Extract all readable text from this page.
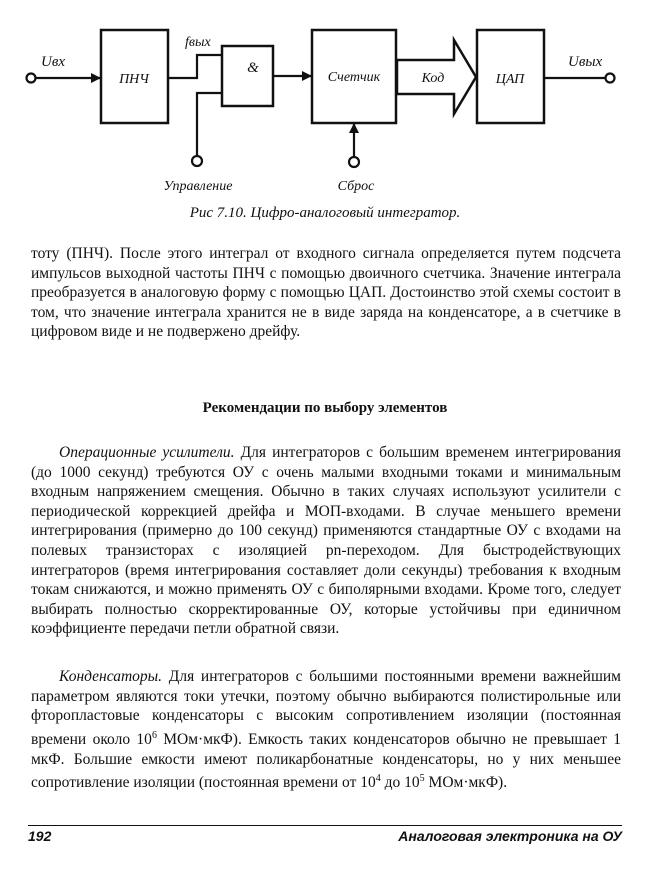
Uвх
ПНЧ
fвых
&
Управление
Счетчик
Сброс
Код	ЦАП
Uвых
Рис 7.10. Цифро-аналоговый интегратор.

тоту (ПНЧ). После этого интеграл от входного сигнала определяется путем подсчета импульсов выходной частоты ПНЧ с помощью двоичного счетчика. Значение интеграла преобразуется в аналоговую форму с помощью ЦАП. Достоинство этой схемы состоит в том, что значение интеграла хранится не в виде заряда на конденсаторе, а в счетчике в цифровом виде и не подвержено дрейфу.

Рекомендации по выбору элементов

Операционные усилители. Для интеграторов с большим временем интегрирования (до 1000 секунд) требуются ОУ с очень малыми входными токами и минимальным входным напряжением смещения. Обычно в таких случаях используют усилители с периодической коррекцией дрейфа и МОП-входами. В случае меньшего времени интегрирования (примерно до 100 секунд) применяются стандартные ОУ с входами на полевых транзисторах с изоляцией pn-переходом. Для быстродействующих интеграторов (время интегрирования составляет доли секунды) требования к входным токам снижаются, и можно применять ОУ с биполярными входами. Кроме того, следует выбирать полностью скорректированные ОУ, которые устойчивы при единичном коэффициенте передачи петли обратной связи.

Конденсаторы. Для интеграторов с большими постоянными времени важнейшим параметром являются токи утечки, поэтому обычно выбираются полистирольные или фторопластовые конденсаторы с высоким сопротивлением изоляции (постоянная времени около $10^6$ МОм·мкФ). Емкость таких конденсаторов обычно не превышает 1 мкФ. Большие емкости имеют поликарбонатные конденсаторы, но у них меньшее сопротивление изоляции (постоянная времени от $10^4$ до $10^5$ МОм·мкФ).

192	Аналоговая электроника на ОУ
